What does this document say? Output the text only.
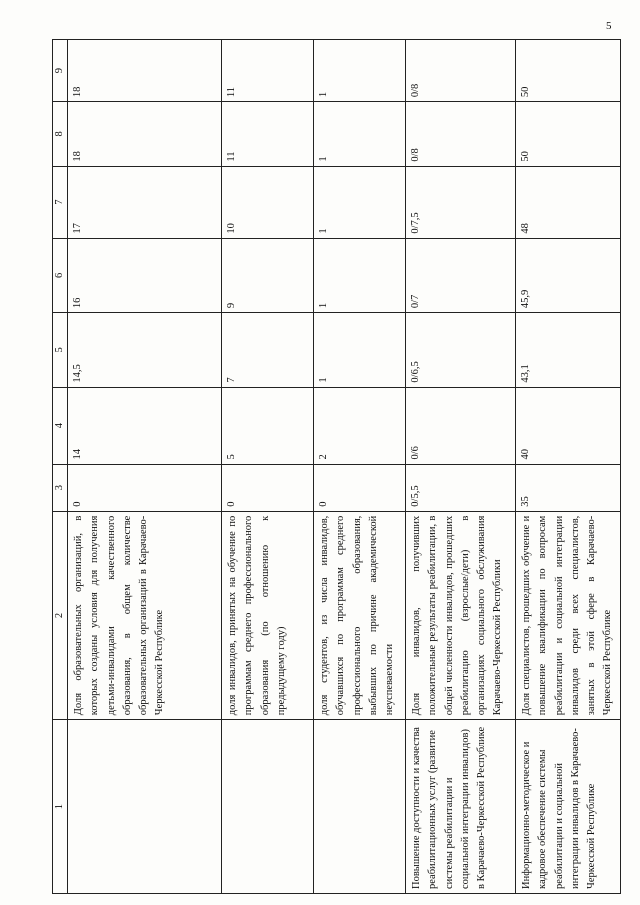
5
1	2	3	4	5	6	7	8	9
	Доля образовательных организаций, в которых созданы условия для получения детьми-инвалидами качественного образования, в общем количестве образовательных организаций в Карачаево-Черкесской Республике	0	14	14,5	16	17	18	18
	доля инвалидов, принятых на обучение по программам среднего профессионального образования (по отношению к предыдущему году)	0	5	7	9	10	11	11
	доля студентов, из числа инвалидов, обучавшихся по программам среднего профессионального образования, выбывших по причине академической неуспеваемости	0	2	1	1	1	1	1
Повышение доступности и качества реабилитационных услуг (развитие системы реабилитации и социальной интеграции инвалидов) в Карачаево-Черкесской Республике	Доля инвалидов, получивших положительные результаты реабилитации, в общей численности инвалидов, прошедших реабилитацию (взрослые/дети) в организациях социального обслуживания Карачаево-Черкесской Республики	0/5,5	0/6	0/6,5	0/7	0/7,5	0/8	0/8
Информационно-методическое и кадровое обеспечение системы реабилитации и социальной интеграции инвалидов в Карачаево-Черкесской Республике	Доля специалистов, прошедших обучение и повышение квалификации по вопросам реабилитации и социальной интеграции инвалидов среди всех специалистов, занятых в этой сфере в Карачаево-Черкесской Республике	35	40	43,1	45,9	48	50	50
